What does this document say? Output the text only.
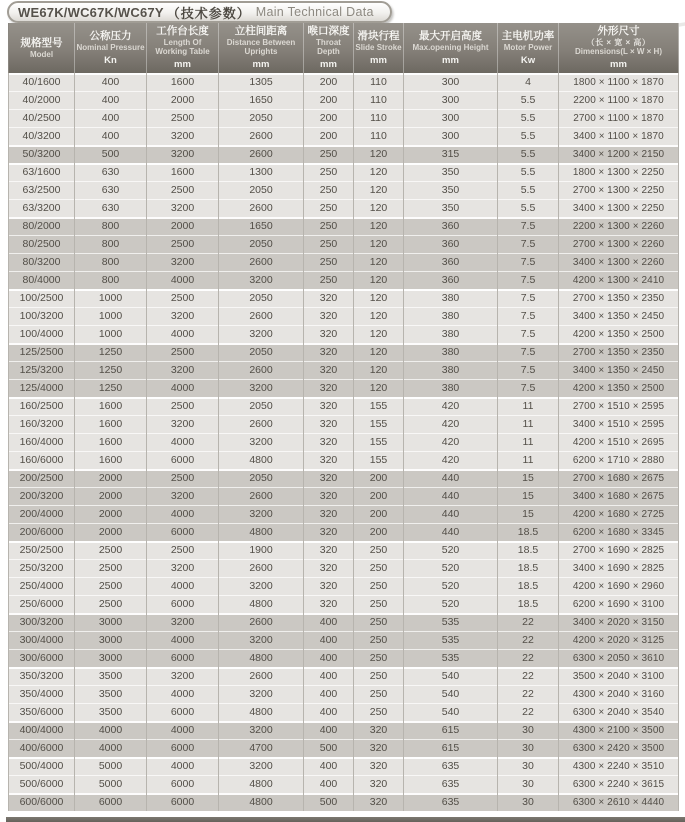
WE67K/WC67K/WC67Y （技术参数） Main Technical Data
规格型号
Model

公称压力
Nominal Pressure
Kn

工作台长度
Length Of Working Table
mm

立柱间距离
Distance Between Uprights
mm

喉口深度
Throat Depth
mm

滑块行程
Slide Stroke
mm

最大开启高度
Max.opening Height
mm

主电机功率
Motor Power
Kw

外形尺寸
（长 × 宽 × 高）
Dimensions(L × W × H)
mm

40/1600	400	1600	1305	200	110	300	4	1800 × 1100 × 1870
40/2000	400	2000	1650	200	110	300	5.5	2200 × 1100 × 1870
40/2500	400	2500	2050	200	110	300	5.5	2700 × 1100 × 1870
40/3200	400	3200	2600	200	110	300	5.5	3400 × 1100 × 1870
50/3200	500	3200	2600	250	120	315	5.5	3400 × 1200 × 2150
63/1600	630	1600	1300	250	120	350	5.5	1800 × 1300 × 2250
63/2500	630	2500	2050	250	120	350	5.5	2700 × 1300 × 2250
63/3200	630	3200	2600	250	120	350	5.5	3400 × 1300 × 2250
80/2000	800	2000	1650	250	120	360	7.5	2200 × 1300 × 2260
80/2500	800	2500	2050	250	120	360	7.5	2700 × 1300 × 2260
80/3200	800	3200	2600	250	120	360	7.5	3400 × 1300 × 2260
80/4000	800	4000	3200	250	120	360	7.5	4200 × 1300 × 2410
100/2500	1000	2500	2050	320	120	380	7.5	2700 × 1350 × 2350
100/3200	1000	3200	2600	320	120	380	7.5	3400 × 1350 × 2450
100/4000	1000	4000	3200	320	120	380	7.5	4200 × 1350 × 2500
125/2500	1250	2500	2050	320	120	380	7.5	2700 × 1350 × 2350
125/3200	1250	3200	2600	320	120	380	7.5	3400 × 1350 × 2450
125/4000	1250	4000	3200	320	120	380	7.5	4200 × 1350 × 2500
160/2500	1600	2500	2050	320	155	420	11	2700 × 1510 × 2595
160/3200	1600	3200	2600	320	155	420	11	3400 × 1510 × 2595
160/4000	1600	4000	3200	320	155	420	11	4200 × 1510 × 2695
160/6000	1600	6000	4800	320	155	420	11	6200 × 1710 × 2880
200/2500	2000	2500	2050	320	200	440	15	2700 × 1680 × 2675
200/3200	2000	3200	2600	320	200	440	15	3400 × 1680 × 2675
200/4000	2000	4000	3200	320	200	440	15	4200 × 1680 × 2725
200/6000	2000	6000	4800	320	200	440	18.5	6200 × 1680 × 3345
250/2500	2500	2500	1900	320	250	520	18.5	2700 × 1690 × 2825
250/3200	2500	3200	2600	320	250	520	18.5	3400 × 1690 × 2825
250/4000	2500	4000	3200	320	250	520	18.5	4200 × 1690 × 2960
250/6000	2500	6000	4800	320	250	520	18.5	6200 × 1690 × 3100
300/3200	3000	3200	2600	400	250	535	22	3400 × 2020 × 3150
300/4000	3000	4000	3200	400	250	535	22	4200 × 2020 × 3125
300/6000	3000	6000	4800	400	250	535	22	6300 × 2050 × 3610
350/3200	3500	3200	2600	400	250	540	22	3500 × 2040 × 3100
350/4000	3500	4000	3200	400	250	540	22	4300 × 2040 × 3160
350/6000	3500	6000	4800	400	250	540	22	6300 × 2040 × 3540
400/4000	4000	4000	3200	400	320	615	30	4300 × 2100 × 3500
400/6000	4000	6000	4700	500	320	615	30	6300 × 2420 × 3500
500/4000	5000	4000	3200	400	320	635	30	4300 × 2240 × 3510
500/6000	5000	6000	4800	400	320	635	30	6300 × 2240 × 3615
600/6000	6000	6000	4800	500	320	635	30	6300 × 2610 × 4440
